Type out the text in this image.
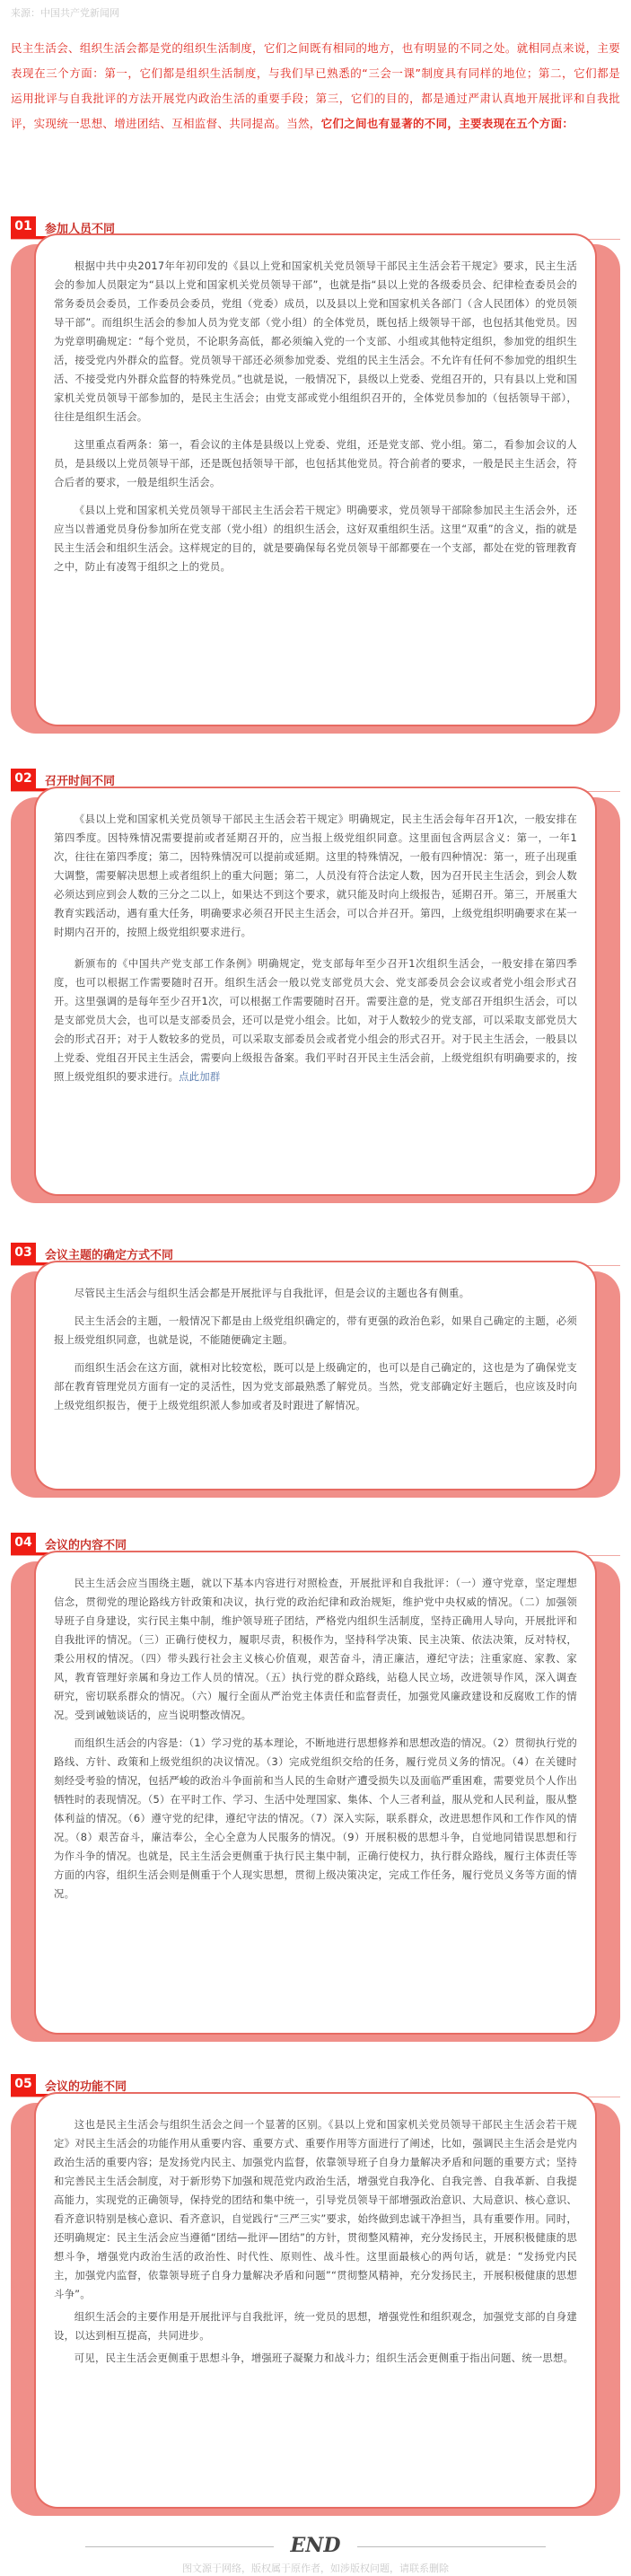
来源：中国共产党新闻网
民主生活会、组织生活会都是党的组织生活制度，它们之间既有相同的地方，也有明显的不同之处。就相同点来说，主要表现在三个方面：第一，它们都是组织生活制度，与我们早已熟悉的“三会一课”制度具有同样的地位；第二，它们都是运用批评与自我批评的方法开展党内政治生活的重要手段；第三，它们的目的，都是通过严肃认真地开展批评和自我批评，实现统一思想、增进团结、互相监督、共同提高。当然，它们之间也有显著的不同，主要表现在五个方面：
01	参加人员不同

根据中共中央2017年年初印发的《县以上党和国家机关党员领导干部民主生活会若干规定》要求，民主生活会的参加人员限定为“县以上党和国家机关党员领导干部”，也就是指“县以上党的各级委员会、纪律检查委员会的常务委员会委员，工作委员会委员，党组（党委）成员，以及县以上党和国家机关各部门（含人民团体）的党员领导干部”。而组织生活会的参加人员为党支部（党小组）的全体党员，既包括上级领导干部，也包括其他党员。因为党章明确规定：“每个党员，不论职务高低，都必须编入党的一个支部、小组或其他特定组织，参加党的组织生活，接受党内外群众的监督。党员领导干部还必须参加党委、党组的民主生活会。不允许有任何不参加党的组织生活、不接受党内外群众监督的特殊党员。”也就是说，一般情况下，县级以上党委、党组召开的，只有县以上党和国家机关党员领导干部参加的，是民主生活会；由党支部或党小组组织召开的，全体党员参加的（包括领导干部），往往是组织生活会。

这里重点看两条：第一，看会议的主体是县级以上党委、党组，还是党支部、党小组。第二，看参加会议的人员，是县级以上党员领导干部，还是既包括领导干部，也包括其他党员。符合前者的要求，一般是民主生活会，符合后者的要求，一般是组织生活会。

《县以上党和国家机关党员领导干部民主生活会若干规定》明确要求，党员领导干部除参加民主生活会外，还应当以普通党员身份参加所在党支部（党小组）的组织生活会，这好双重组织生活。这里“双重”的含义，指的就是民主生活会和组织生活会。这样规定的目的，就是要确保每名党员领导干部都要在一个支部，都处在党的管理教育之中，防止有凌驾于组织之上的党员。

02	召开时间不同

《县以上党和国家机关党员领导干部民主生活会若干规定》明确规定，民主生活会每年召开1次，一般安排在第四季度。因特殊情况需要提前或者延期召开的，应当报上级党组织同意。这里面包含两层含义：第一，一年1次，往往在第四季度；第二，因特殊情况可以提前或延期。这里的特殊情况，一般有四种情况：第一，班子出现重大调整，需要解决思想上或者组织上的重大问题；第二，人员没有符合法定人数，因为召开民主生活会，到会人数必须达到应到会人数的三分之二以上，如果达不到这个要求，就只能及时向上级报告，延期召开。第三，开展重大教育实践活动，遇有重大任务，明确要求必须召开民主生活会，可以合并召开。第四，上级党组织明确要求在某一时期内召开的，按照上级党组织要求进行。

新颁布的《中国共产党支部工作条例》明确规定，党支部每年至少召开1次组织生活会，一般安排在第四季度，也可以根据工作需要随时召开。组织生活会一般以党支部党员大会、党支部委员会会议或者党小组会形式召开。这里强调的是每年至少召开1次，可以根据工作需要随时召开。需要注意的是，党支部召开组织生活会，可以是支部党员大会，也可以是支部委员会，还可以是党小组会。比如，对于人数较少的党支部，可以采取支部党员大会的形式召开；对于人数较多的党员，可以采取支部委员会或者党小组会的形式召开。对于民主生活会，一般县以上党委、党组召开民主生活会，需要向上级报告备案。我们平时召开民主生活会前，上级党组织有明确要求的，按照上级党组织的要求进行。点此加群

03	会议主题的确定方式不同

尽管民主生活会与组织生活会都是开展批评与自我批评，但是会议的主题也各有侧重。

民主生活会的主题，一般情况下都是由上级党组织确定的，带有更强的政治色彩，如果自己确定的主题，必须报上级党组织同意，也就是说，不能随便确定主题。

而组织生活会在这方面，就相对比较宽松，既可以是上级确定的，也可以是自己确定的，这也是为了确保党支部在教育管理党员方面有一定的灵活性，因为党支部最熟悉了解党员。当然，党支部确定好主题后，也应该及时向上级党组织报告，便于上级党组织派人参加或者及时跟进了解情况。

04	会议的内容不同

民主生活会应当围绕主题，就以下基本内容进行对照检查，开展批评和自我批评：（一）遵守党章，坚定理想信念，贯彻党的理论路线方针政策和决议，执行党的政治纪律和政治规矩，维护党中央权威的情况。（二）加强领导班子自身建设，实行民主集中制，维护领导班子团结，严格党内组织生活制度，坚持正确用人导向，开展批评和自我批评的情况。（三）正确行使权力，履职尽责，积极作为，坚持科学决策、民主决策、依法决策，反对特权，秉公用权的情况。（四）带头践行社会主义核心价值观，艰苦奋斗，清正廉洁，遵纪守法；注重家庭、家教、家风，教育管理好亲属和身边工作人员的情况。（五）执行党的群众路线，站稳人民立场，改进领导作风，深入调查研究，密切联系群众的情况。（六）履行全面从严治党主体责任和监督责任，加强党风廉政建设和反腐败工作的情况。受到诫勉谈话的，应当说明整改情况。

而组织生活会的内容是：（1）学习党的基本理论，不断地进行思想修养和思想改造的情况。（2）贯彻执行党的路线、方针、政策和上级党组织的决议情况。（3）完成党组织交给的任务，履行党员义务的情况。（4）在关键时刻经受考验的情况，包括严峻的政治斗争面前和当人民的生命财产遭受损失以及面临严重困难，需要党员个人作出牺牲时的表现情况。（5）在平时工作、学习、生活中处理国家、集体、个人三者利益，服从党和人民利益，服从整体利益的情况。（6）遵守党的纪律，遵纪守法的情况。（7）深入实际，联系群众，改进思想作风和工作作风的情况。（8）艰苦奋斗，廉洁奉公，全心全意为人民服务的情况。（9）开展积极的思想斗争，自觉地同错误思想和行为作斗争的情况。也就是，民主生活会更侧重于执行民主集中制，正确行使权力，执行群众路线，履行主体责任等方面的内容，组织生活会则是侧重于个人现实思想，贯彻上级决策决定，完成工作任务，履行党员义务等方面的情况。

05	会议的功能不同

这也是民主生活会与组织生活会之间一个显著的区别。《县以上党和国家机关党员领导干部民主生活会若干规定》对民主生活会的功能作用从重要内容、重要方式、重要作用等方面进行了阐述，比如，强调民主生活会是党内政治生活的重要内容；是发扬党内民主、加强党内监督，依靠领导班子自身力量解决矛盾和问题的重要方式；坚持和完善民主生活会制度，对于新形势下加强和规范党内政治生活，增强党自我净化、自我完善、自我革新、自我提高能力，实现党的正确领导，保持党的团结和集中统一，引导党员领导干部增强政治意识、大局意识、核心意识、看齐意识特别是核心意识、看齐意识，自觉践行“三严三实”要求，始终做到忠诚干净担当，具有重要作用。同时，还明确规定：民主生活会应当遵循“团结—批评—团结”的方针，贯彻整风精神，充分发扬民主，开展积极健康的思想斗争，增强党内政治生活的政治性、时代性、原则性、战斗性。这里面最核心的两句话，就是：“发扬党内民主，加强党内监督，依靠领导班子自身力量解决矛盾和问题”“贯彻整风精神，充分发扬民主，开展积极健康的思想斗争”。

组织生活会的主要作用是开展批评与自我批评，统一党员的思想，增强党性和组织观念，加强党支部的自身建设，以达到相互提高，共同进步。

可见，民主生活会更侧重于思想斗争，增强班子凝聚力和战斗力；组织生活会更侧重于指出问题、统一思想。

END
图文源于网络，版权属于原作者，如涉版权问题，请联系删除
